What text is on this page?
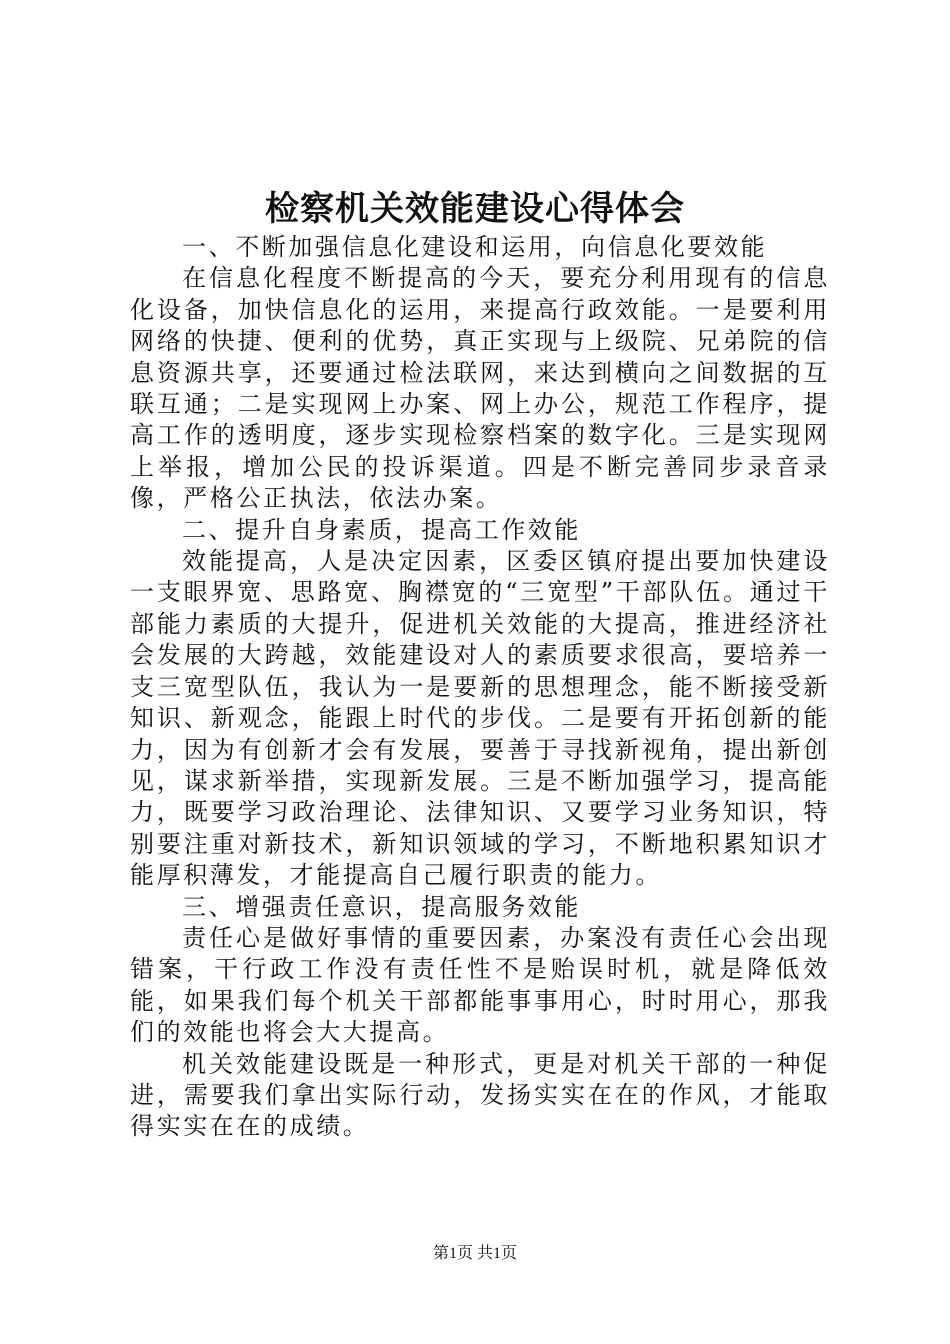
检察机关效能建设心得体会

一、不断加强信息化建设和运用，向信息化要效能

在信息化程度不断提高的今天，要充分利用现有的信息化设备，加快信息化的运用，来提高行政效能。一是要利用网络的快捷、便利的优势，真正实现与上级院、兄弟院的信息资源共享，还要通过检法联网，来达到横向之间数据的互联互通；二是实现网上办案、网上办公，规范工作程序，提高工作的透明度，逐步实现检察档案的数字化。三是实现网上举报，增加公民的投诉渠道。四是不断完善同步录音录像，严格公正执法，依法办案。

二、提升自身素质，提高工作效能

效能提高，人是决定因素，区委区镇府提出要加快建设一支眼界宽、思路宽、胸襟宽的“三宽型”干部队伍。通过干部能力素质的大提升，促进机关效能的大提高，推进经济社会发展的大跨越，效能建设对人的素质要求很高，要培养一支三宽型队伍，我认为一是要新的思想理念，能不断接受新知识、新观念，能跟上时代的步伐。二是要有开拓创新的能力，因为有创新才会有发展，要善于寻找新视角，提出新创见，谋求新举措，实现新发展。三是不断加强学习，提高能力，既要学习政治理论、法律知识、又要学习业务知识，特别要注重对新技术，新知识领域的学习，不断地积累知识才能厚积薄发，才能提高自己履行职责的能力。

三、增强责任意识，提高服务效能

责任心是做好事情的重要因素，办案没有责任心会出现错案，干行政工作没有责任性不是贻误时机，就是降低效能，如果我们每个机关干部都能事事用心，时时用心，那我们的效能也将会大大提高。

机关效能建设既是一种形式，更是对机关干部的一种促进，需要我们拿出实际行动，发扬实实在在的作风，才能取得实实在在的成绩。

第1页 共1页
